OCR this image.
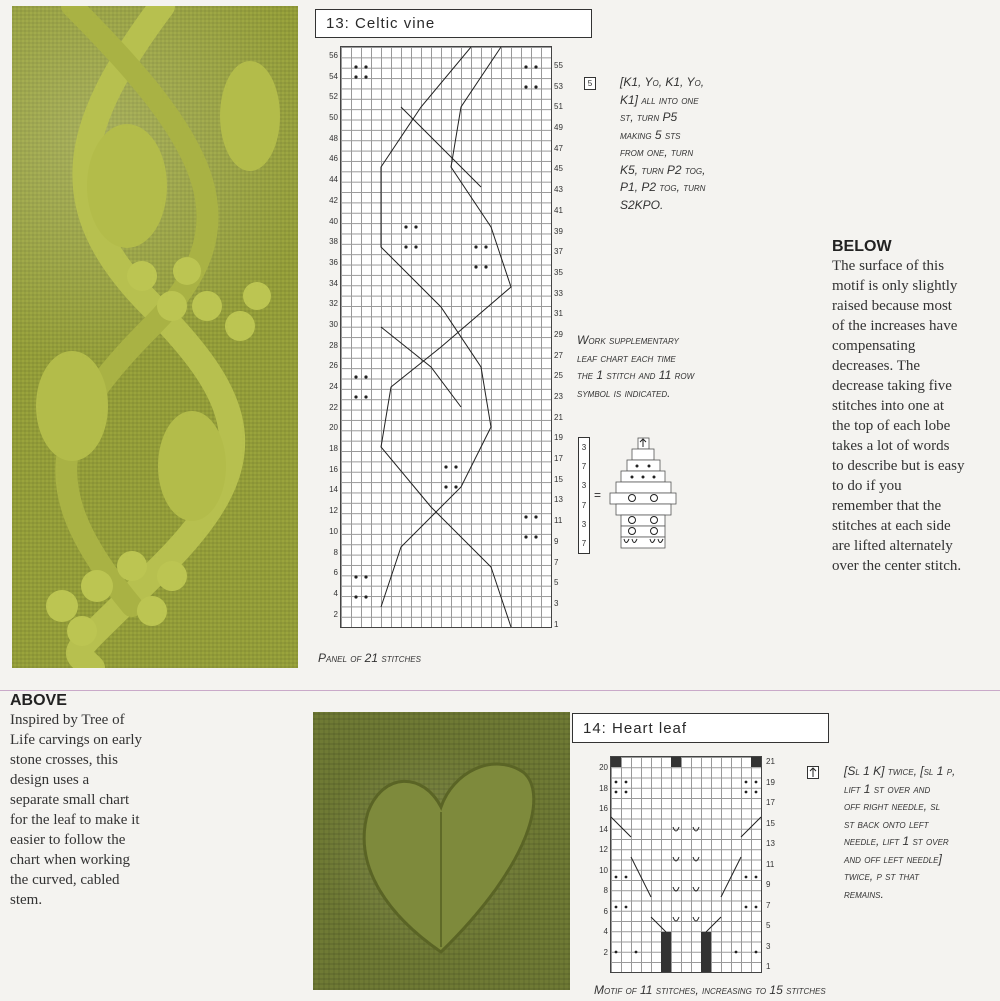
13: Celtic vine
56
54
52
50
48
46
44
42
40
38
36
34
32
30
28
26
24
22
20
18
16
14
12
10
8
6
4
2
55
53
51
49
47
45
43
41
39
37
35
33
31
29
27
25
23
21
19
17
15
13
11
9
7
5
3
1
5	[K1, Yo, K1, Yo,
K1] all into one
st, turn P5
making 5 sts
from one, turn
K5, turn P2 tog,
P1, P2 tog, turn
S2KPO.
Work supplementary
leaf chart each time
the 1 stitch and 11 row
symbol is indicated.
3
7
3
7
3
7
=
Panel of 21 stitches
BELOW
The surface of this
motif is only slightly
raised because most
of the increases have
compensating
decreases. The
decrease taking five
stitches into one at
the top of each lobe
takes a lot of words
to describe but is easy
to do if you
remember that the
stitches at each side
are lifted alternately
over the center stitch.
ABOVE
Inspired by Tree of
Life carvings on early
stone crosses, this
design uses a
separate small chart
for the leaf to make it
easier to follow the
chart when working
the curved, cabled
stem.
14: Heart leaf
20
18
16
14
12
10
8
6
4
2
21
19
17
15
13
11
9
7
5
3
1
[Sl 1 K] twice, [sl 1 p,
lift 1 st over and
off right needle, sl
st back onto left
needle, lift 1 st over
and off left needle]
twice, p st that
remains.
Motif of 11 stitches, increasing to 15 stitches
